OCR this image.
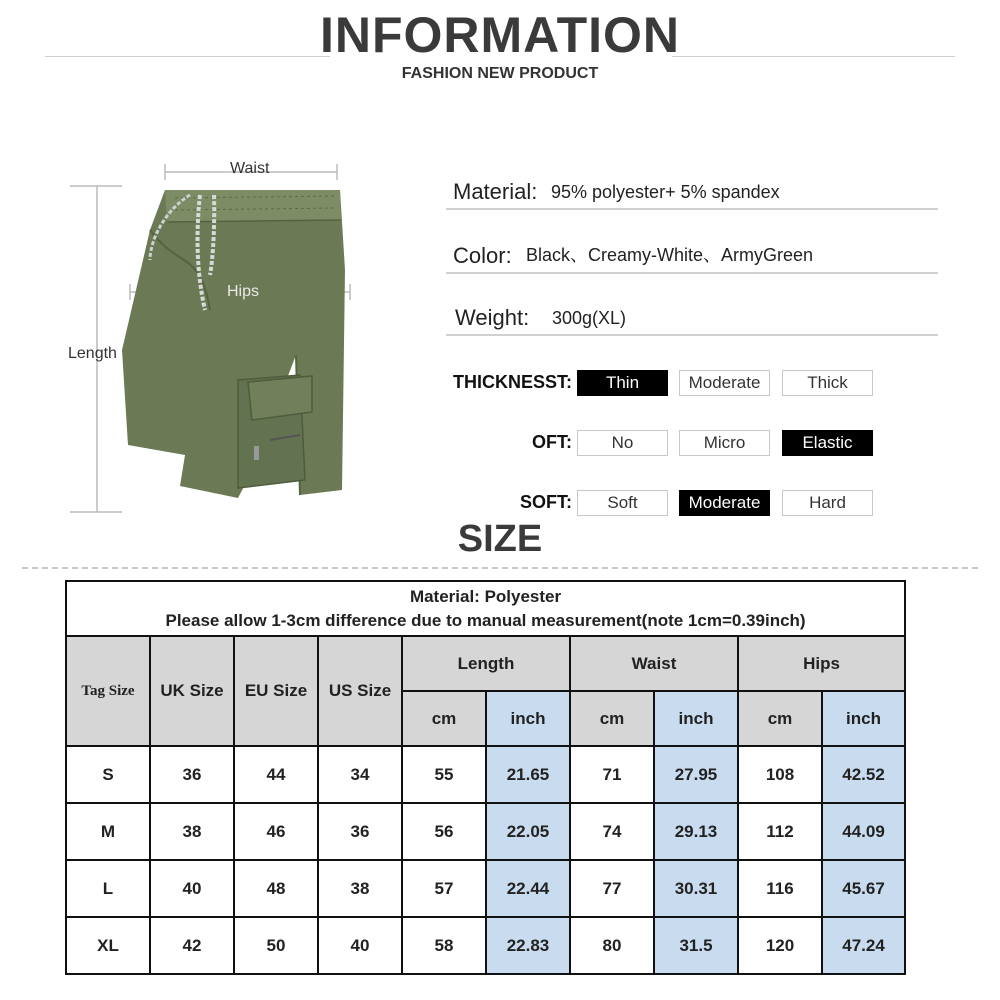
INFORMATION
FASHION NEW PRODUCT
Waist
Hips
Length
Material: 95% polyester+ 5% spandex
Color: Black、Creamy-White、ArmyGreen
Weight: 300g(XL)
THICKNESST:	Thin	Moderate	Thick
OFT:	No	Micro	Elastic
SOFT:	Soft	Moderate	Hard
SIZE
Material: Polyester
Please allow 1-3cm difference due to manual measurement(note 1cm=0.39inch)									

Tag Size	UK Size	EU Size	US Size	Length		Waist		Hips	
				cm	inch	cm	inch	cm	inch
S	36	44	34	55	21.65	71	27.95	108	42.52
M	38	46	36	56	22.05	74	29.13	112	44.09
L	40	48	38	57	22.44	77	30.31	116	45.67
XL	42	50	40	58	22.83	80	31.5	120	47.24
